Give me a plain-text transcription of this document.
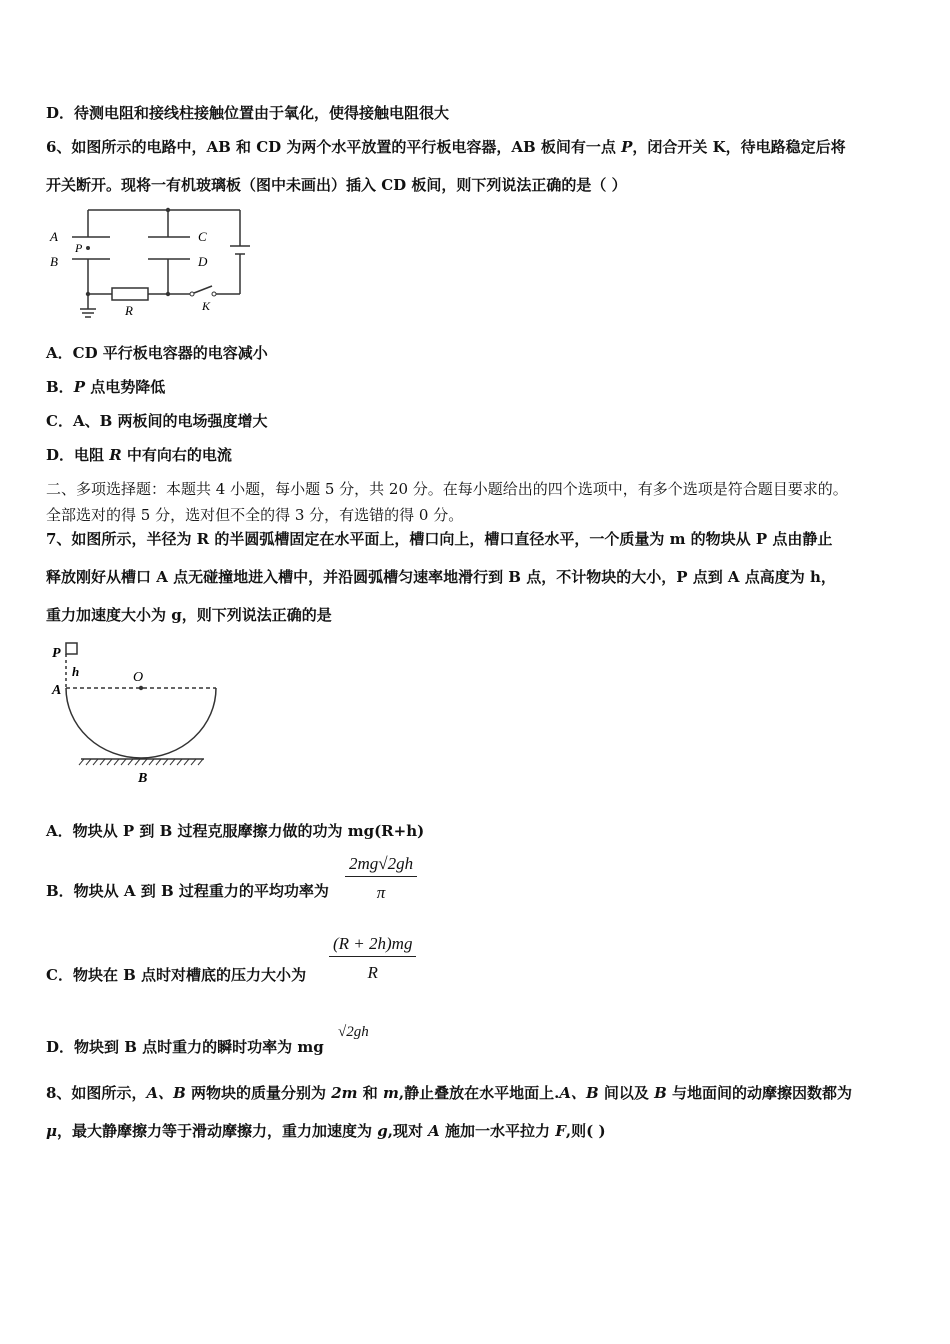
D．待测电阻和接线柱接触位置由于氧化，使得接触电阻很大
6、如图所示的电路中，AB 和 CD 为两个水平放置的平行板电容器，AB 板间有一点 P，闭合开关 K，待电路稳定后将
开关断开。现将一有机玻璃板（图中未画出）插入 CD 板间，则下列说法正确的是（ ）
A
B
P
C
D
R	K
A．CD 平行板电容器的电容减小
B．P 点电势降低
C．A、B 两板间的电场强度增大
D．电阻 R 中有向右的电流
二、多项选择题：本题共 4 小题，每小题 5 分，共 20 分。在每小题给出的四个选项中，有多个选项是符合题目要求的。
全部选对的得 5 分，选对但不全的得 3 分，有选错的得 0 分。
7、如图所示，半径为 R 的半圆弧槽固定在水平面上，槽口向上，槽口直径水平，一个质量为 m 的物块从 P 点由静止
释放刚好从槽口 A 点无碰撞地进入槽中，并沿圆弧槽匀速率地滑行到 B 点，不计物块的大小，P 点到 A 点高度为 h，
重力加速度大小为 g，则下列说法正确的是
P
h
A
O
B
A．物块从 P 到 B 过程克服摩擦力做的功为 mg(R+h)
B．物块从 A 到 B 过程重力的平均功率为 $\frac{2mg√2gh}{\pi}$
C．物块在 B 点时对槽底的压力大小为 $\frac{(R + 2h)mg}{R}$
D．物块到 B 点时重力的瞬时功率为 mg
√2gh
8、如图所示，A、B 两物块的质量分别为 2m 和 m,静止叠放在水平地面上.A、B 间以及 B 与地面间的动摩擦因数都为
μ，最大静摩擦力等于滑动摩擦力，重力加速度为 g,现对 A 施加一水平拉力 F,则( )
